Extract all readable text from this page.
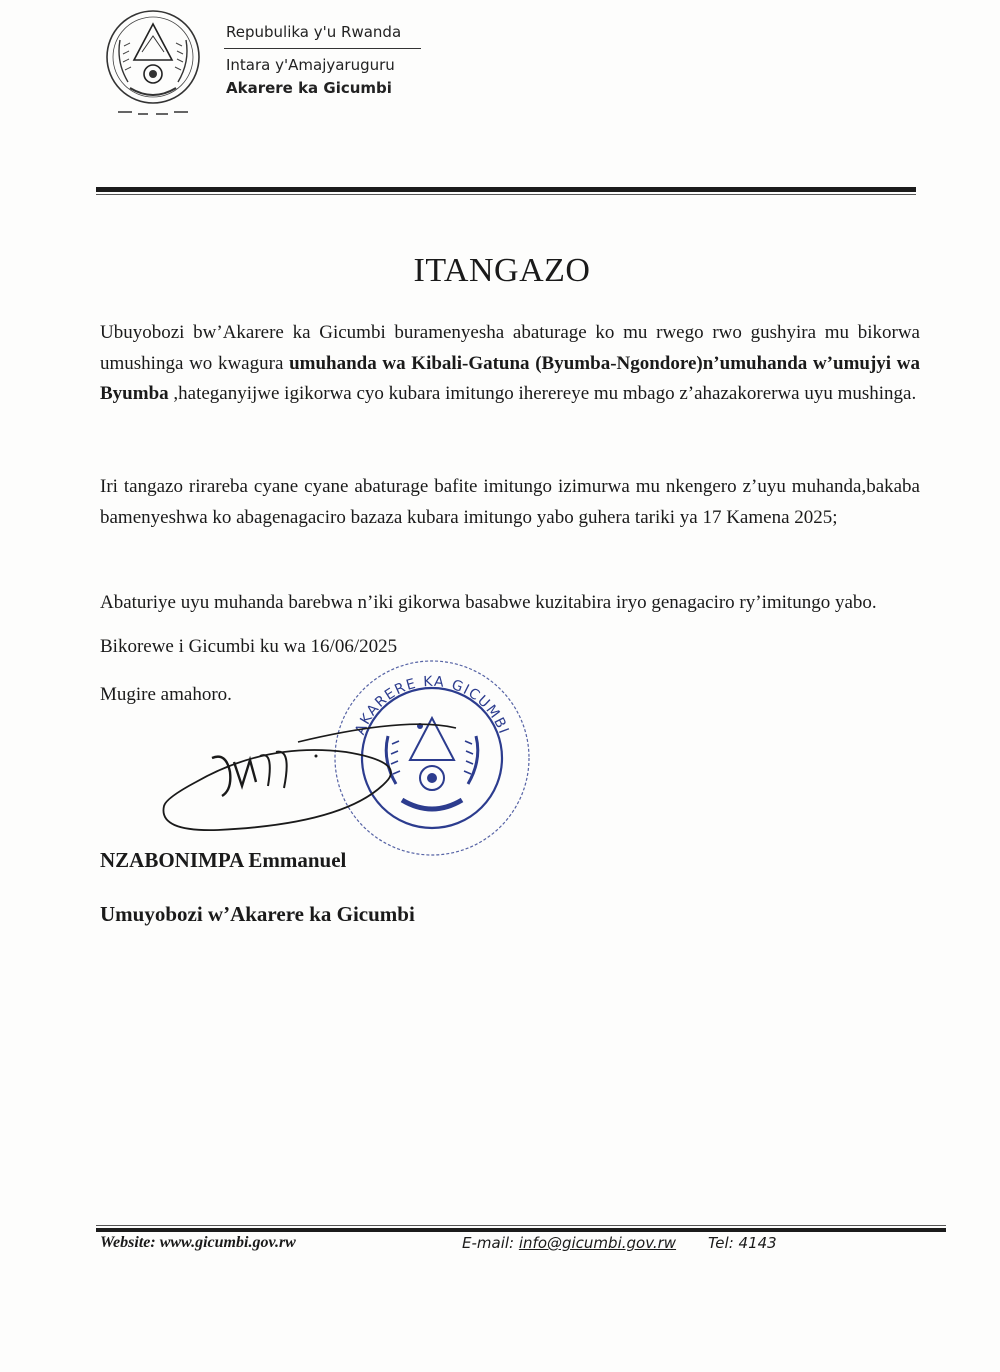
Repubulika y'u Rwanda
Intara y'Amajyaruguru
Akarere ka Gicumbi
ITANGAZO
Ubuyobozi bw’Akarere ka Gicumbi buramenyesha abaturage ko mu rwego rwo gushyira mu bikorwa umushinga wo kwagura umuhanda wa Kibali-Gatuna (Byumba-Ngondore)n’umuhanda w’umujyi wa Byumba ,hateganyijwe igikorwa cyo kubara imitungo iherereye mu mbago z’ahazakorerwa uyu mushinga.
Iri tangazo rirareba cyane cyane abaturage bafite imitungo izimurwa mu nkengero z’uyu muhanda,bakaba bamenyeshwa ko abagenagaciro bazaza kubara imitungo yabo guhera tariki ya 17 Kamena 2025;
Abaturiye uyu muhanda barebwa n’iki gikorwa basabwe kuzitabira iryo genagaciro ry’imitungo yabo.
Bikorewe i Gicumbi ku wa 16/06/2025
Mugire amahoro.
AKARERE KA GICUMBI
NZABONIMPA Emmanuel
Umuyobozi w’Akarere ka Gicumbi
Website: www.gicumbi.gov.rw	E-mail: info@gicumbi.gov.rw Tel: 4143
